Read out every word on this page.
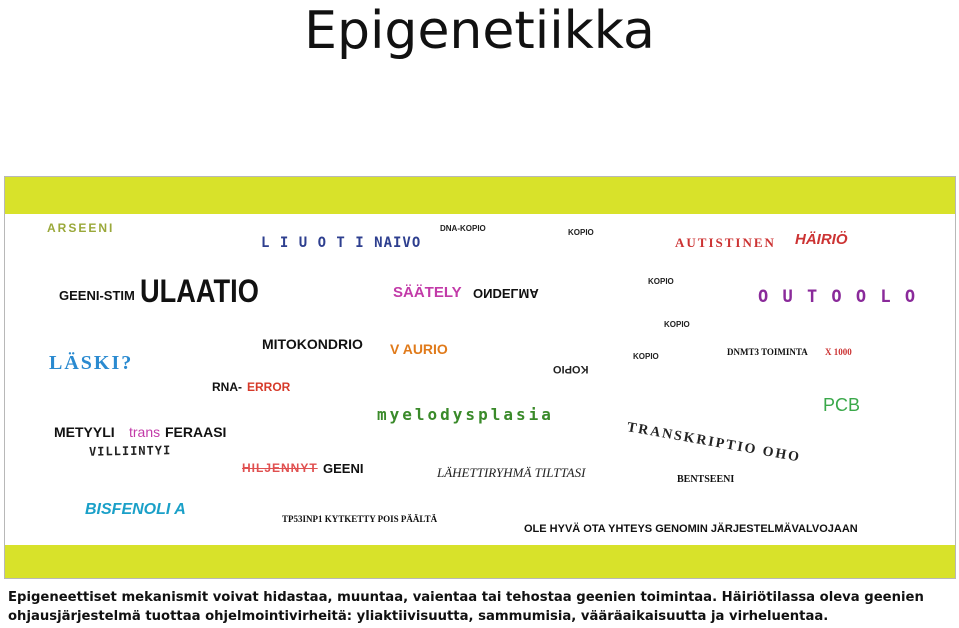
Epigenetiikka
ARSEENI
L I U O T I NAIVO
DNA-KOPIO	KOPIO
AUTISTINEN HÄIRIÖ
GEENI-STIM ULAATIO	SÄÄTELY ONDELMA
KOPIO
O U T O O L O
KOPIO
MITOKONDRIO V AURIO
LÄSKI?	KOPIO
KOPIO	DNMT3 TOIMINTA X 1000
RNA- ERROR
PCB
myelodysplasia
METYYLI trans FERAASI
VILLIINTYI	TRANSKRIPTIO OHO
HILJENNYT GEENI	LÄHETTIRYHMÄ TILTTASI	BENTSEENI
BISFENOLI A
TP53INP1 KYTKETTY POIS PÄÄLTÄ
OLE HYVÄ OTA YHTEYS GENOMIN JÄRJESTELMÄVALVOJAAN
Epigeneettiset mekanismit voivat hidastaa, muuntaa, vaientaa tai tehostaa geenien toimintaa. Häiriötilassa oleva geenien
ohjausjärjestelmä tuottaa ohjelmointivirheitä: yliaktiivisuutta, sammumisia, vääräaikaisuutta ja virheluentaa.
